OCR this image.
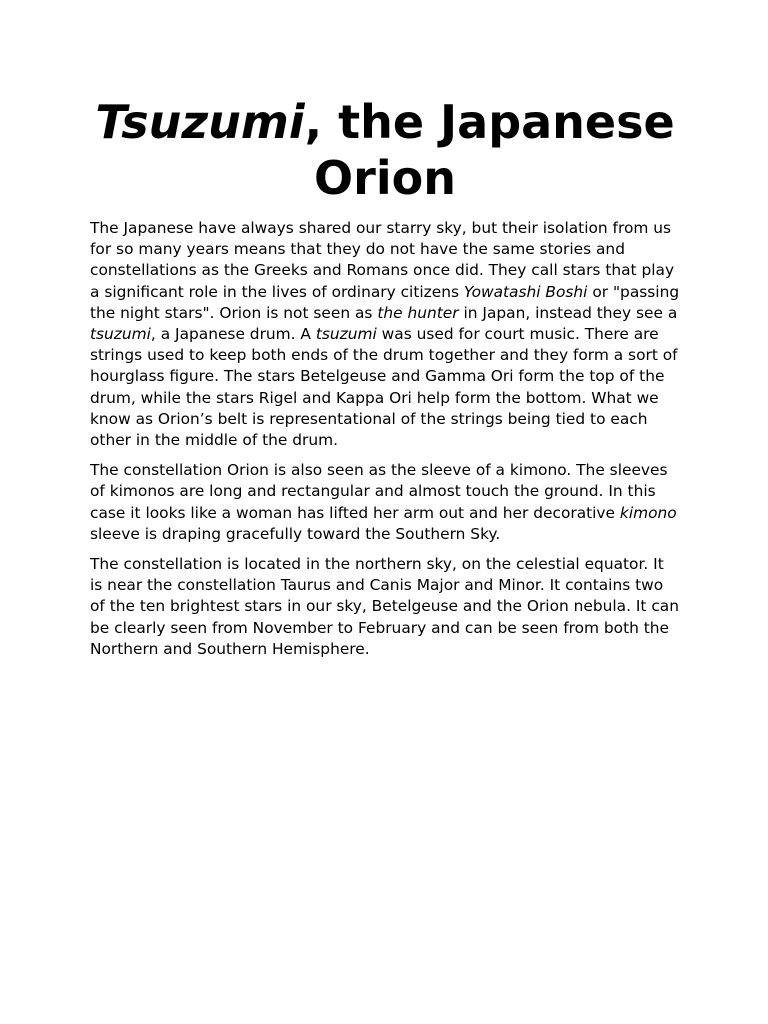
Tsuzumi, the Japanese Orion

The Japanese have always shared our starry sky, but their isolation from us for so many years means that they do not have the same stories and constellations as the Greeks and Romans once did. They call stars that play a significant role in the lives of ordinary citizens Yowatashi Boshi or "passing the night stars". Orion is not seen as the hunter in Japan, instead they see a tsuzumi, a Japanese drum. A tsuzumi was used for court music. There are strings used to keep both ends of the drum together and they form a sort of hourglass figure. The stars Betelgeuse and Gamma Ori form the top of the drum, while the stars Rigel and Kappa Ori help form the bottom. What we know as Orion’s belt is representational of the strings being tied to each other in the middle of the drum.

The constellation Orion is also seen as the sleeve of a kimono. The sleeves of kimonos are long and rectangular and almost touch the ground. In this case it looks like a woman has lifted her arm out and her decorative kimono sleeve is draping gracefully toward the Southern Sky.

The constellation is located in the northern sky, on the celestial equator. It is near the constellation Taurus and Canis Major and Minor. It contains two of the ten brightest stars in our sky, Betelgeuse and the Orion nebula. It can be clearly seen from November to February and can be seen from both the Northern and Southern Hemisphere.
